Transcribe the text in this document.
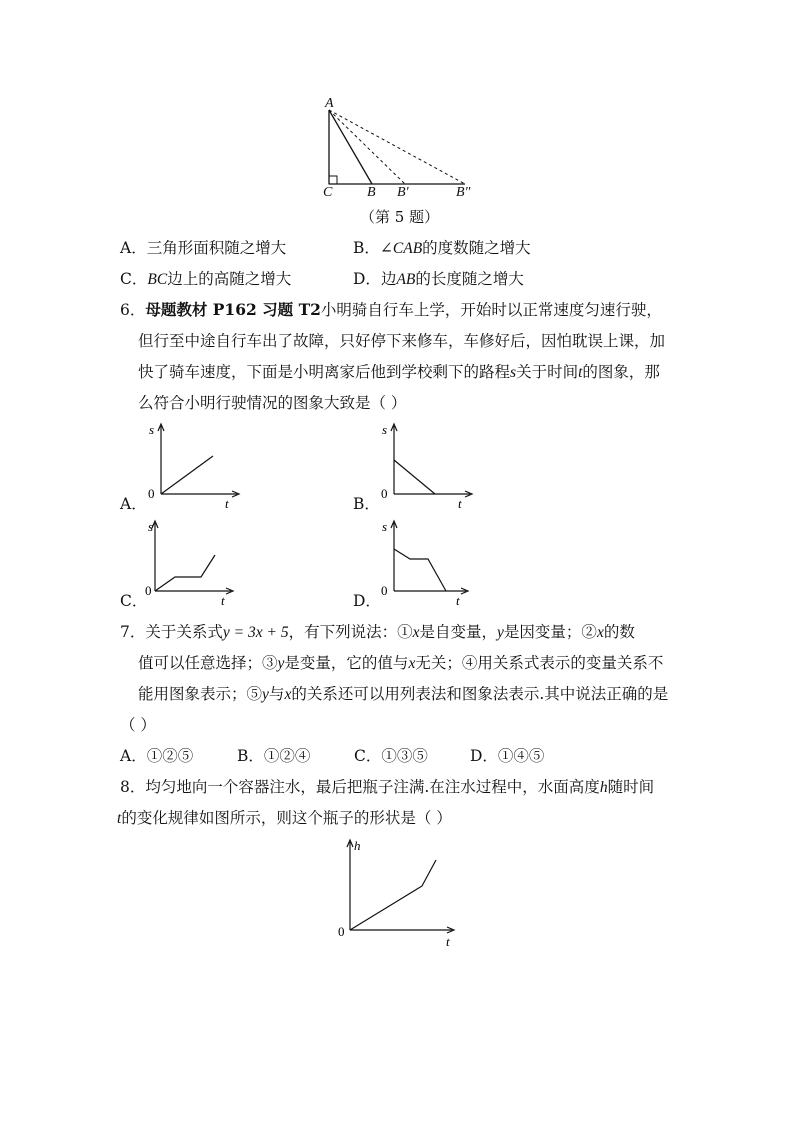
A
C B B′	B″
（第 5 题）
A．三角形面积随之增大	B．∠CAB的度数随之增大
C．BC边上的高随之增大	D．边AB的长度随之增大
6．母题教材 P162 习题 T2小明骑自行车上学，开始时以正常速度匀速行驶，
但行至中途自行车出了故障，只好停下来修车，车修好后，因怕耽误上课，加
快了骑车速度，下面是小明离家后他到学校剩下的路程s关于时间t的图象，那
么符合小明行驶情况的图象大致是（ ）
A．
s
t
0
B．
s
t
0
C．
s
t
0
D．
s
t
0
7．关于关系式y = 3x + 5，有下列说法：①x是自变量，y是因变量；②x的数
值可以任意选择；③y是变量，它的值与x无关；④用关系式表示的变量关系不
能用图象表示；⑤y与x的关系还可以用列表法和图象法表示.其中说法正确的是
（ ）
A．①②⑤	B．①②④	C．①③⑤	D．①④⑤
8．均匀地向一个容器注水，最后把瓶子注满.在注水过程中，水面高度h随时间
t的变化规律如图所示，则这个瓶子的形状是（ ）
h
t
0
